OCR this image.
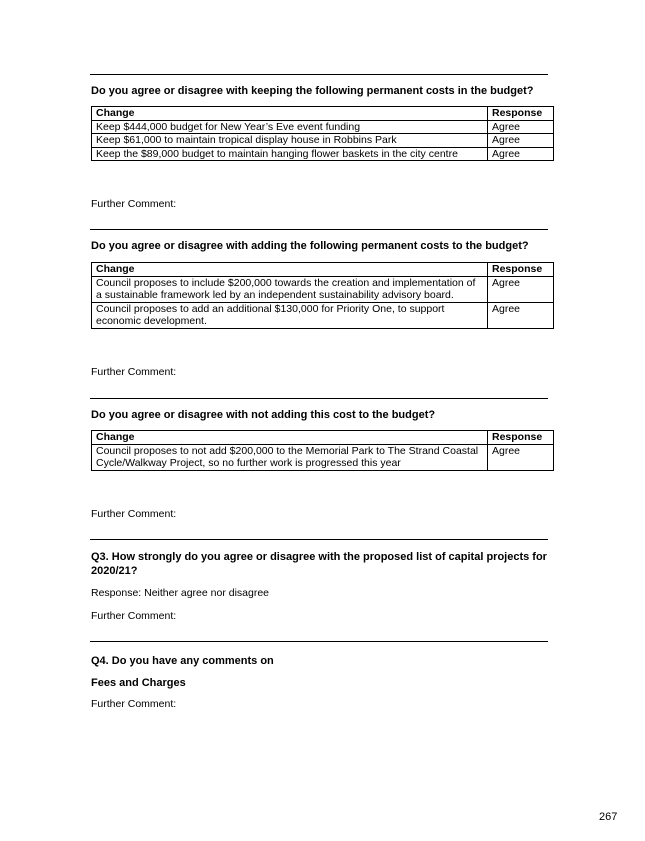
Do you agree or disagree with keeping the following permanent costs in the budget?
Change	Response
Keep $444,000 budget for New Year’s Eve event funding	Agree
Keep $61,000 to maintain tropical display house in Robbins Park	Agree
Keep the $89,000 budget to maintain hanging flower baskets in the city centre	Agree
Further Comment:
Do you agree or disagree with adding the following permanent costs to the budget?
Change	Response
Council proposes to include $200,000 towards the creation and implementation of a sustainable framework led by an independent sustainability advisory board.	Agree
Council proposes to add an additional $130,000 for Priority One, to support economic development.	Agree
Further Comment:
Do you agree or disagree with not adding this cost to the budget?
Change	Response
Council proposes to not add $200,000 to the Memorial Park to The Strand Coastal Cycle/Walkway Project, so no further work is progressed this year	Agree
Further Comment:
Q3. How strongly do you agree or disagree with the proposed list of capital projects for 2020/21?
Response: Neither agree nor disagree
Further Comment:
Q4. Do you have any comments on
Fees and Charges
Further Comment:
267
